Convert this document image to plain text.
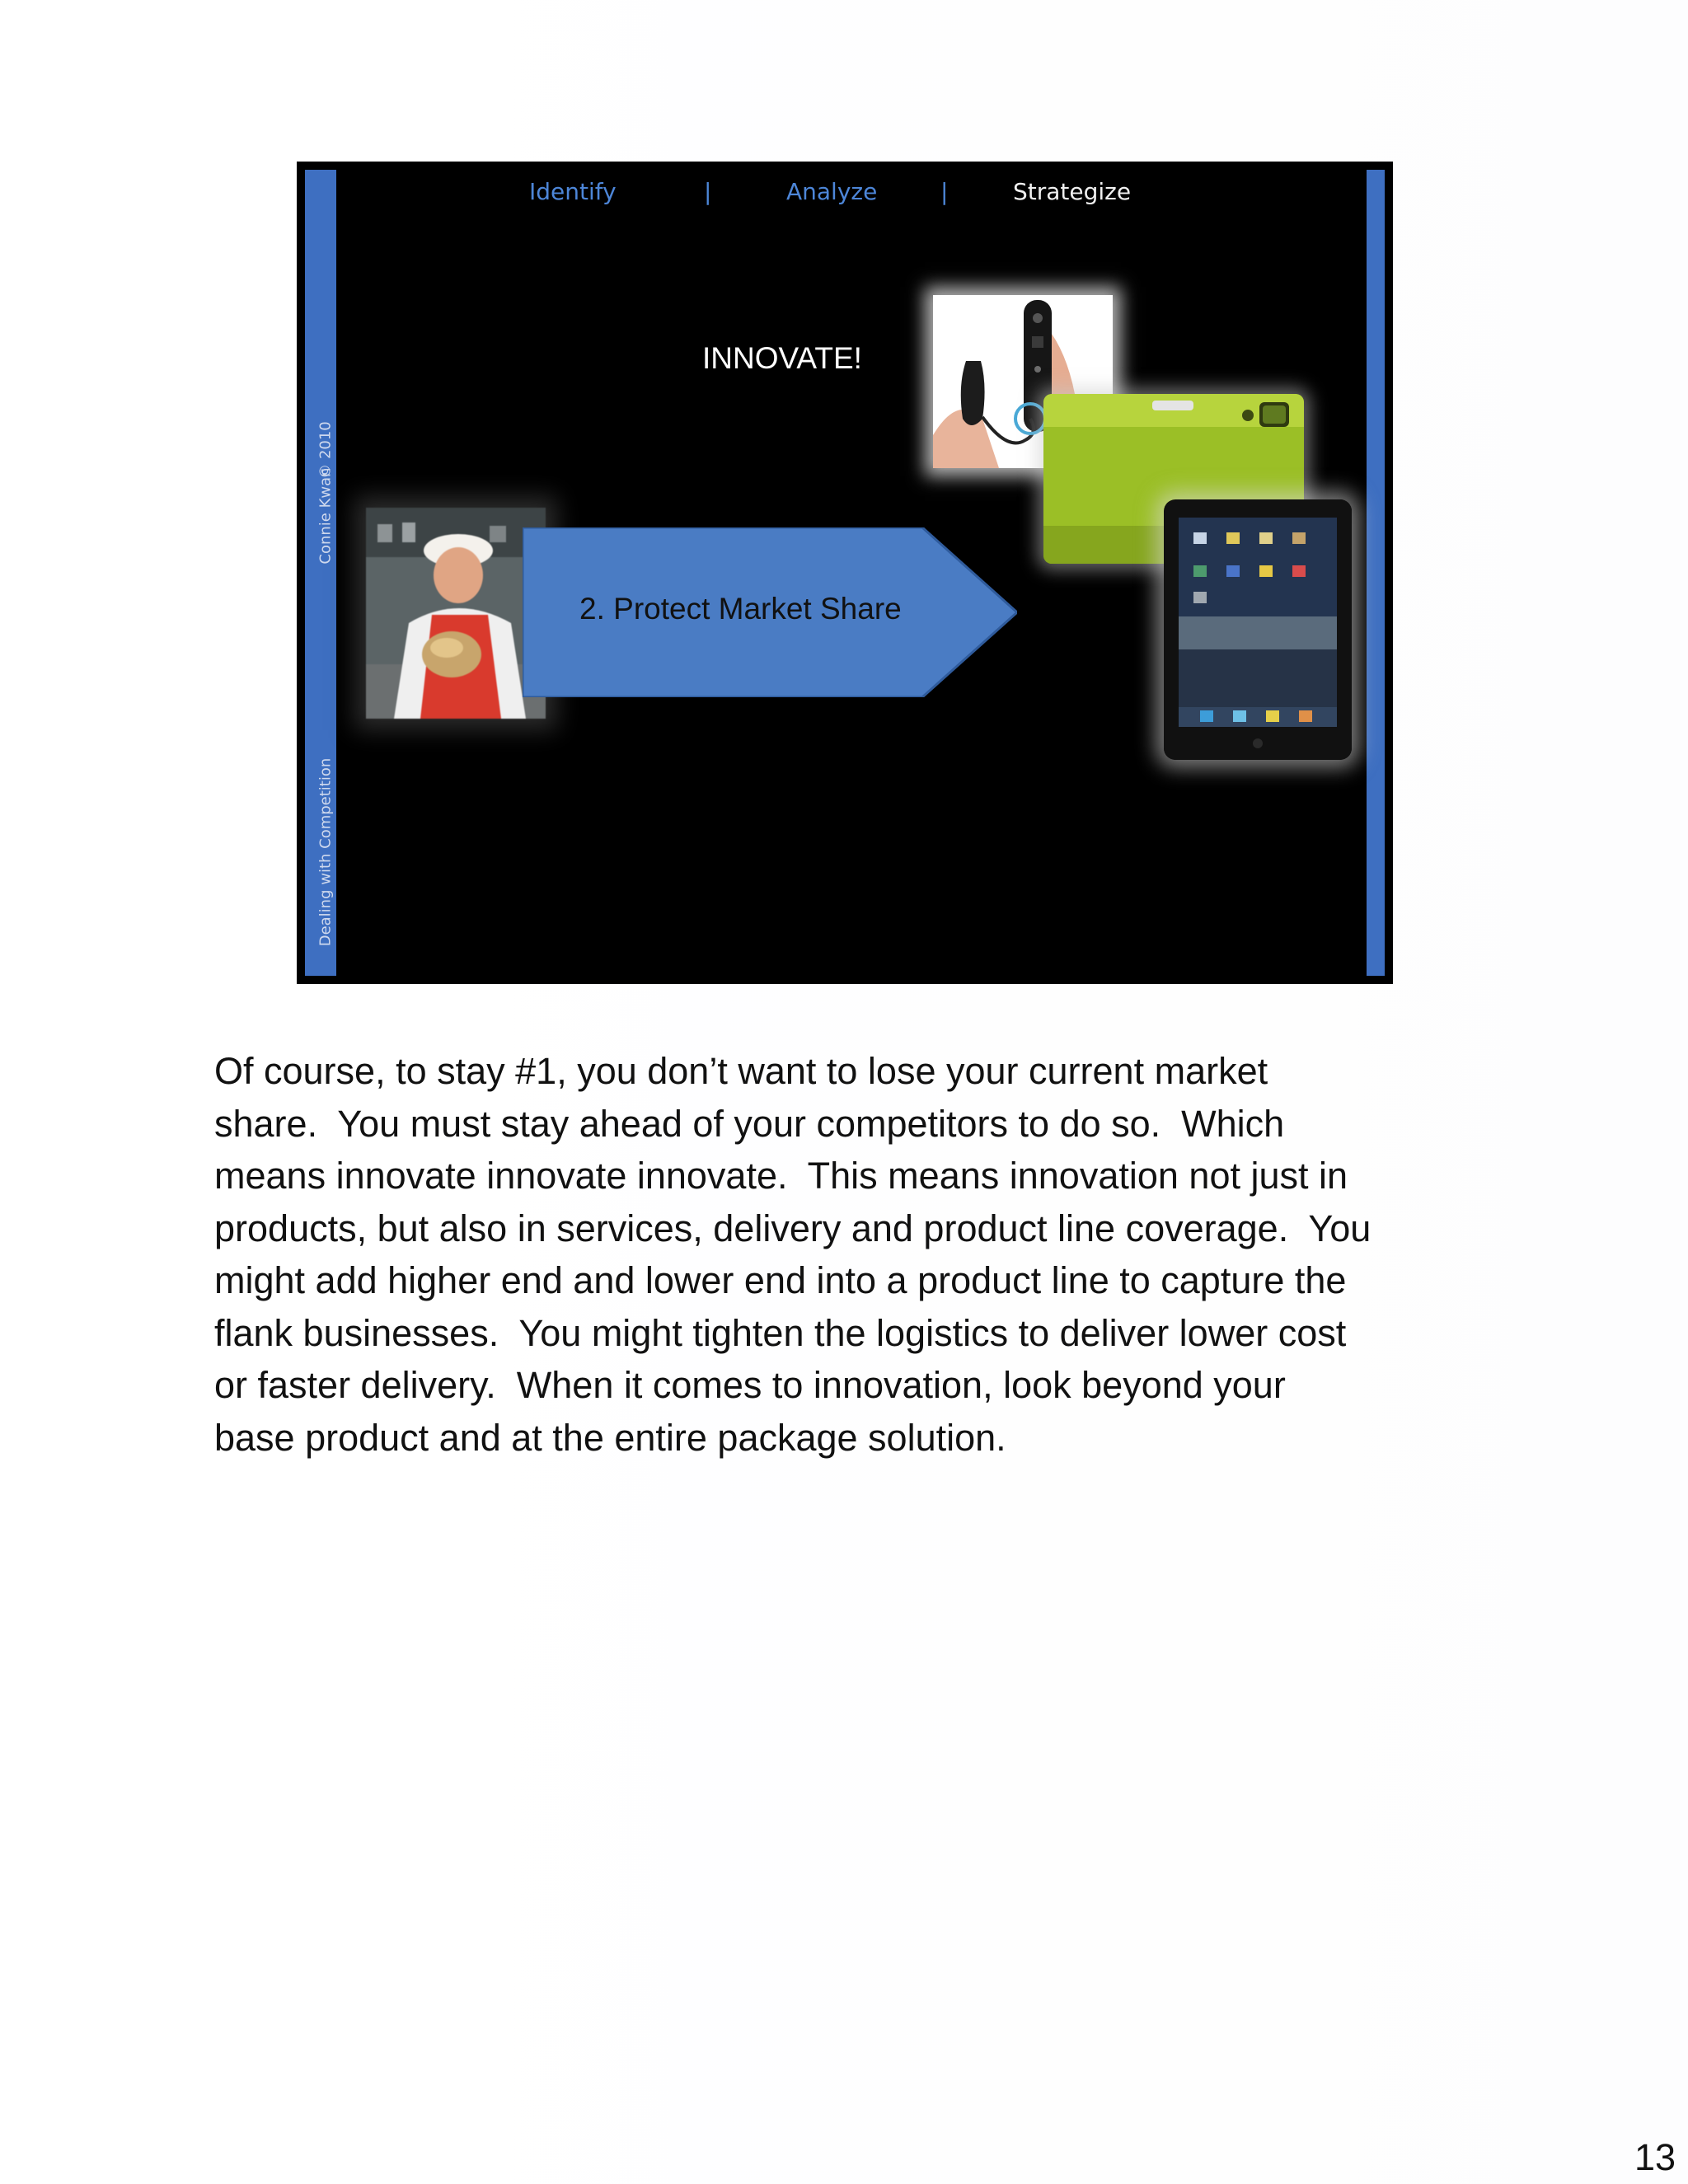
© 2010
Connie Kwan
Dealing with Competition
Identify	|	Analyze	|	Strategize
INNOVATE!
2. Protect Market Share

Of course, to stay #1, you don’t want to lose your current market
share.  You must stay ahead of your competitors to do so.  Which
means innovate innovate innovate.  This means innovation not just in
products, but also in services, delivery and product line coverage.  You
might add higher end and lower end into a product line to capture the
flank businesses.  You might tighten the logistics to deliver lower cost
or faster delivery.  When it comes to innovation, look beyond your
base product and at the entire package solution.

13
